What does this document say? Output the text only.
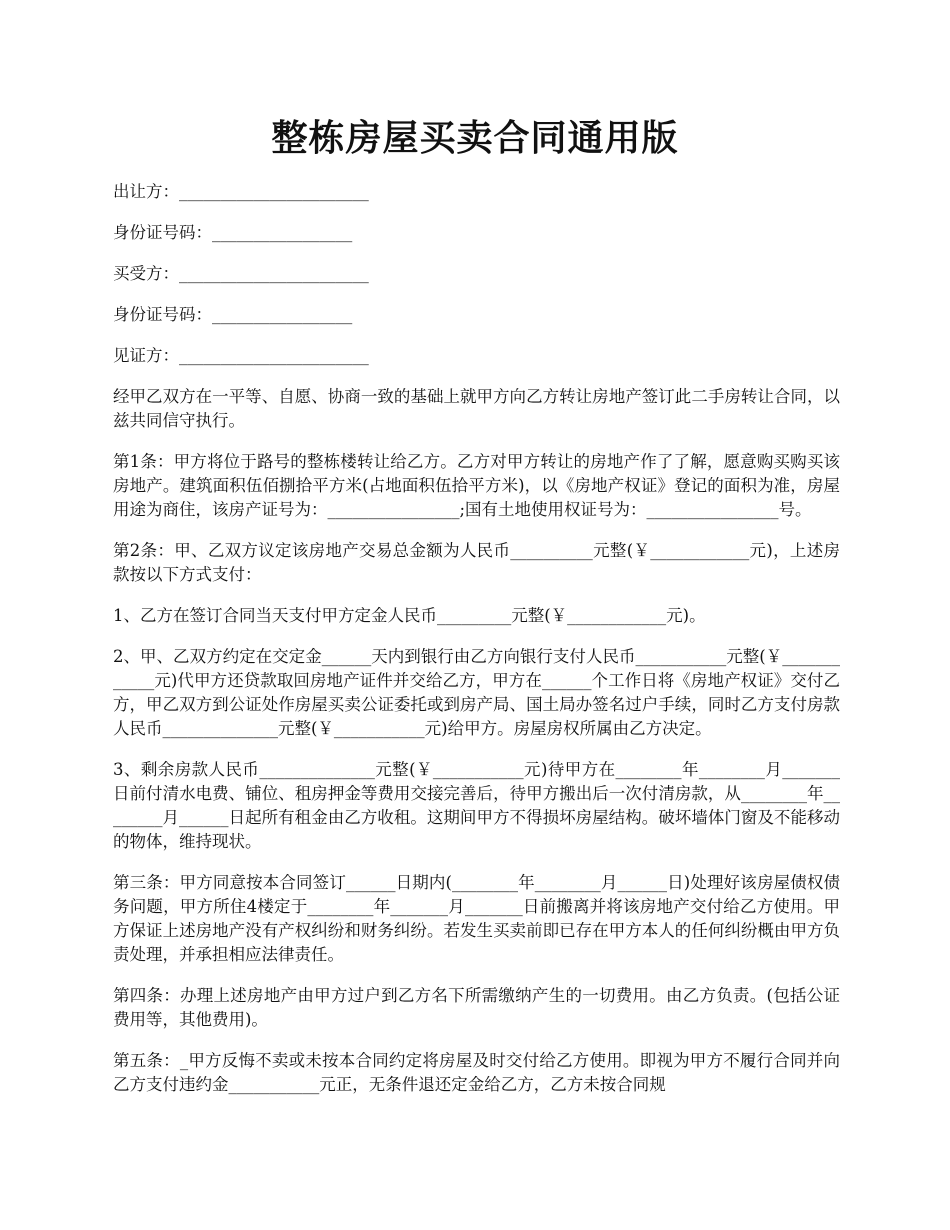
整栋房屋买卖合同通用版

出让方：_______________________

身份证号码：_________________

买受方：_______________________

身份证号码：_________________

见证方：_______________________

经甲乙双方在一平等、自愿、协商一致的基础上就甲方向乙方转让房地产签订此二手房转让合同，以兹共同信守执行。

第1条：甲方将位于路号的整栋楼转让给乙方。乙方对甲方转让的房地产作了了解，愿意购买购买该房地产。建筑面积伍佰捌拾平方米(占地面积伍拾平方米)，以《房地产权证》登记的面积为准，房屋用途为商住，该房产证号为：________________;国有土地使用权证号为：________________号。

第2条：甲、乙双方议定该房地产交易总金额为人民币__________元整(￥____________元)，上述房款按以下方式支付：

1、乙方在签订合同当天支付甲方定金人民币_________元整(￥____________元)。

2、甲、乙双方约定在交定金______天内到银行由乙方向银行支付人民币___________元整(￥____________元)代甲方还贷款取回房地产证件并交给乙方，甲方在______个工作日将《房地产权证》交付乙方，甲乙双方到公证处作房屋买卖公证委托或到房产局、国土局办签名过户手续，同时乙方支付房款人民币______________元整(￥___________元)给甲方。房屋房权所属由乙方决定。

3、剩余房款人民币______________元整(￥___________元)待甲方在________年________月_______日前付清水电费、铺位、租房押金等费用交接完善后，待甲方搬出后一次付清房款，从________年________月______日起所有租金由乙方收租。这期间甲方不得损坏房屋结构。破坏墙体门窗及不能移动的物体，维持现状。

第三条：甲方同意按本合同签订______日期内(________年________月______日)处理好该房屋债权债务问题，甲方所住4楼定于________年_______月_______日前搬离并将该房地产交付给乙方使用。甲方保证上述房地产没有产权纠纷和财务纠纷。若发生买卖前即已存在甲方本人的任何纠纷概由甲方负责处理，并承担相应法律责任。

第四条：办理上述房地产由甲方过户到乙方名下所需缴纳产生的一切费用。由乙方负责。(包括公证费用等，其他费用)。

第五条：_甲方反悔不卖或未按本合同约定将房屋及时交付给乙方使用。即视为甲方不履行合同并向乙方支付违约金___________元正，无条件退还定金给乙方，乙方未按合同规
